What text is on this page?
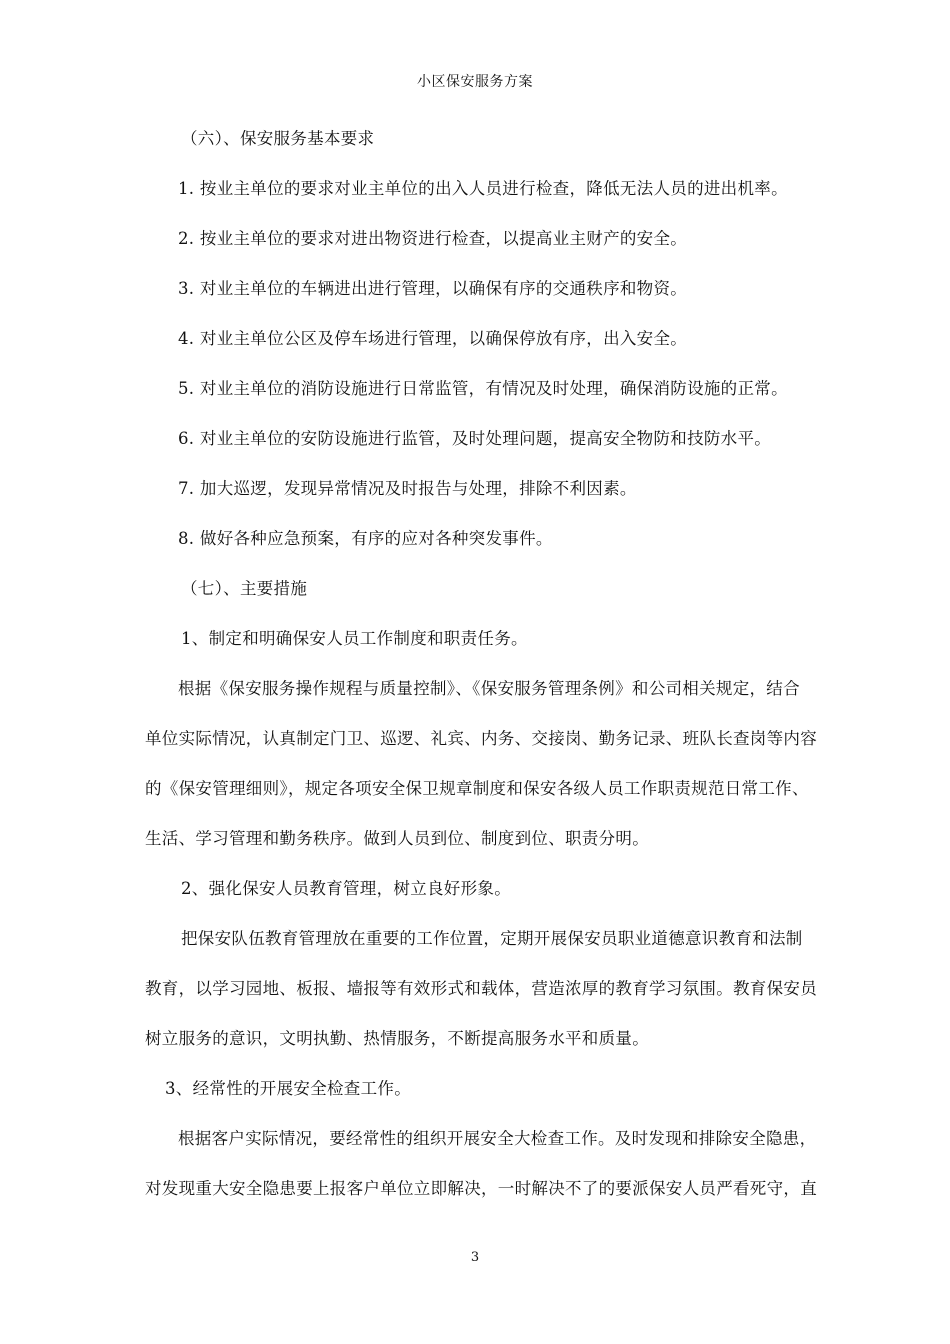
小区保安服务方案
（六）、保安服务基本要求
1. 按业主单位的要求对业主单位的出入人员进行检查，降低无法人员的进出机率。
2. 按业主单位的要求对进出物资进行检查，以提高业主财产的安全。
3. 对业主单位的车辆进出进行管理，以确保有序的交通秩序和物资。
4. 对业主单位公区及停车场进行管理，以确保停放有序，出入安全。
5. 对业主单位的消防设施进行日常监管，有情况及时处理，确保消防设施的正常。
6. 对业主单位的安防设施进行监管，及时处理问题，提高安全物防和技防水平。
7. 加大巡逻，发现异常情况及时报告与处理，排除不利因素。
8. 做好各种应急预案，有序的应对各种突发事件。
（七）、主要措施
1、制定和明确保安人员工作制度和职责任务。
根据《保安服务操作规程与质量控制》、《保安服务管理条例》和公司相关规定，结合
单位实际情况，认真制定门卫、巡逻、礼宾、内务、交接岗、勤务记录、班队长查岗等内容
的《保安管理细则》，规定各项安全保卫规章制度和保安各级人员工作职责规范日常工作、
生活、学习管理和勤务秩序。做到人员到位、制度到位、职责分明。
2、强化保安人员教育管理，树立良好形象。
把保安队伍教育管理放在重要的工作位置，定期开展保安员职业道德意识教育和法制
教育，以学习园地、板报、墙报等有效形式和载体，营造浓厚的教育学习氛围。教育保安员
树立服务的意识，文明执勤、热情服务，不断提高服务水平和质量。
3、经常性的开展安全检查工作。
根据客户实际情况，要经常性的组织开展安全大检查工作。及时发现和排除安全隐患，
对发现重大安全隐患要上报客户单位立即解决，一时解决不了的要派保安人员严看死守，直
3
